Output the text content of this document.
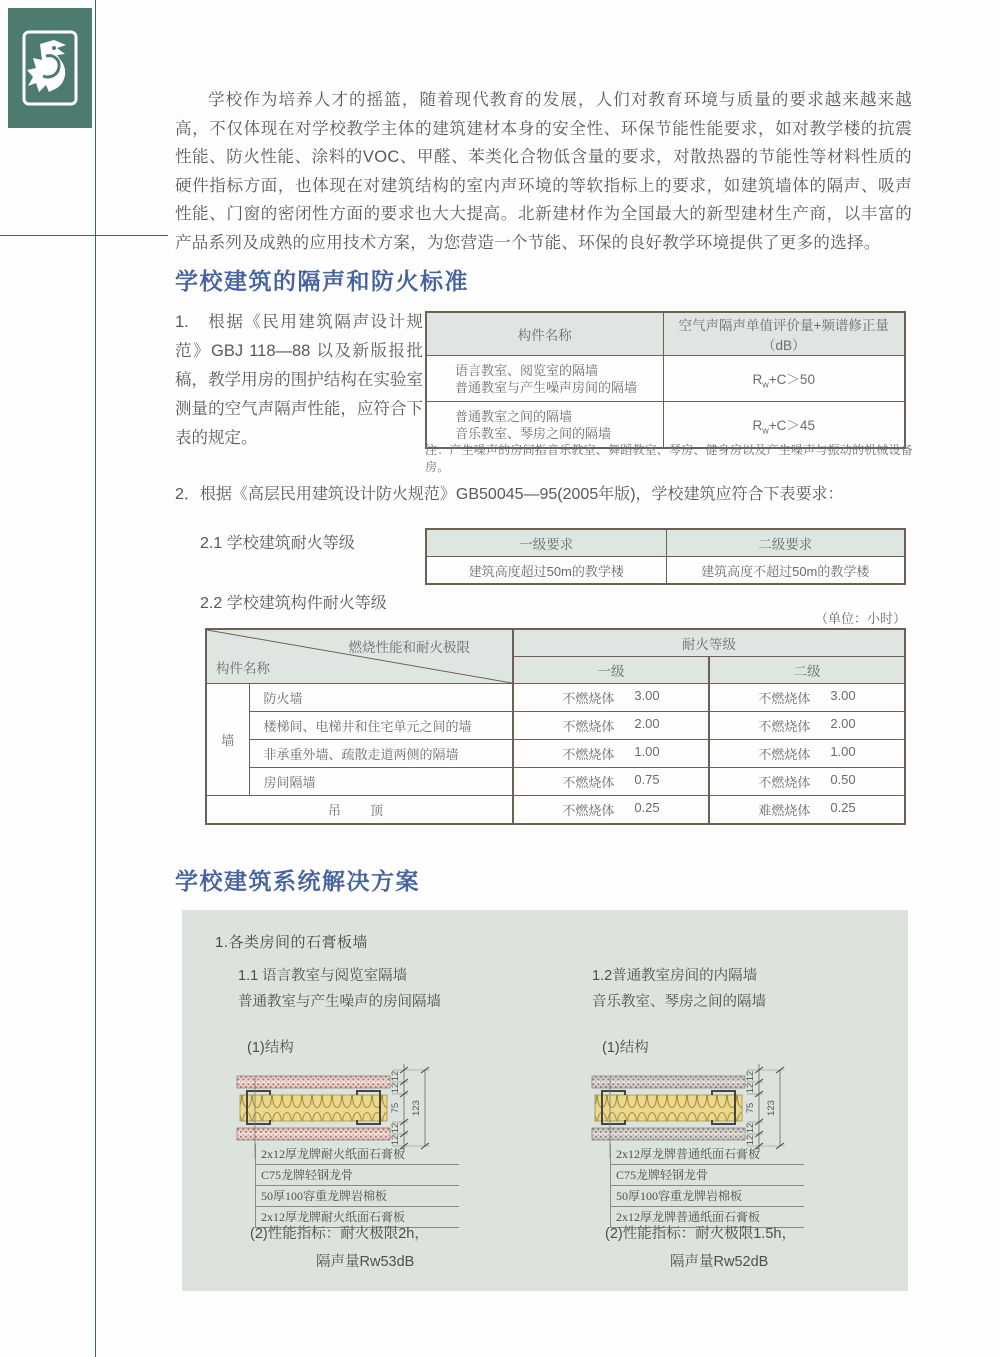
学校作为培养人才的摇篮，随着现代教育的发展，人们对教育环境与质量的要求越来越来越高，不仅体现在对学校教学主体的建筑建材本身的安全性、环保节能性能要求，如对教学楼的抗震性能、防火性能、涂料的VOC、甲醛、苯类化合物低含量的要求，对散热器的节能性等材料性质的硬件指标方面，也体现在对建筑结构的室内声环境的等软指标上的要求，如建筑墙体的隔声、吸声性能、门窗的密闭性方面的要求也大大提高。北新建材作为全国最大的新型建材生产商，以丰富的产品系列及成熟的应用技术方案，为您营造一个节能、环保的良好教学环境提供了更多的选择。

学校建筑的隔声和防火标准
1.　根据《民用建筑隔声设计规范》GBJ 118—88 以及新版报批稿，教学用房的围护结构在实验室测量的空气声隔声性能，应符合下表的规定。
构件名称	空气声隔声单值评价量+频谱修正量（dB）

语言教室、阅览室的隔墙
普通教室与产生噪声房间的隔墙	$R_w+C>50$

普通教室之间的隔墙
音乐教室、琴房之间的隔墙	$R_w+C>45$
注：产生噪声的房间指音乐教室、舞蹈教室、琴房、健身房以及产生噪声与振动的机械设备房。
2．根据《高层民用建筑设计防火规范》GB50045—95(2005年版)，学校建筑应符合下表要求：
2.1 学校建筑耐火等级	一级要求	二级要求
建筑高度超过50m的教学楼	建筑高度不超过50m的教学楼
2.2 学校建筑构件耐火等级
（单位：小时）
燃烧性能和耐火极限
构件名称		耐火等级	
		一级	二级
墙	防火墙	不燃烧体 3.00	不燃烧体 3.00

	楼梯间、电梯井和住宅单元之间的墙	不燃烧体 2.00	不燃烧体 2.00

	非承重外墙、疏散走道两侧的隔墙	不燃烧体 1.00	不燃烧体 1.00

	房间隔墙	不燃烧体 0.75	不燃烧体 0.50

吊　顶		不燃烧体 0.25	难燃烧体 0.25
学校建筑系统解决方案
1.各类房间的石膏板墙
1.1 语言教室与阅览室隔墙
普通教室与产生噪声的房间隔墙
1.2普通教室房间的内隔墙
音乐教室、琴房之间的隔墙
(1)结构	(1)结构
12
12
75
12
12
123
12
12
75
12
12
123
2x12厚龙牌耐火纸面石膏板
C75龙牌轻钢龙骨
50厚100容重龙牌岩棉板
2x12厚龙牌耐火纸面石膏板
2x12厚龙牌普通纸面石膏板
C75龙牌轻钢龙骨
50厚100容重龙牌岩棉板
2x12厚龙牌普通纸面石膏板
(2)性能指标：耐火极限2h，
隔声量Rw53dB
(2)性能指标：耐火极限1.5h，
隔声量Rw52dB
